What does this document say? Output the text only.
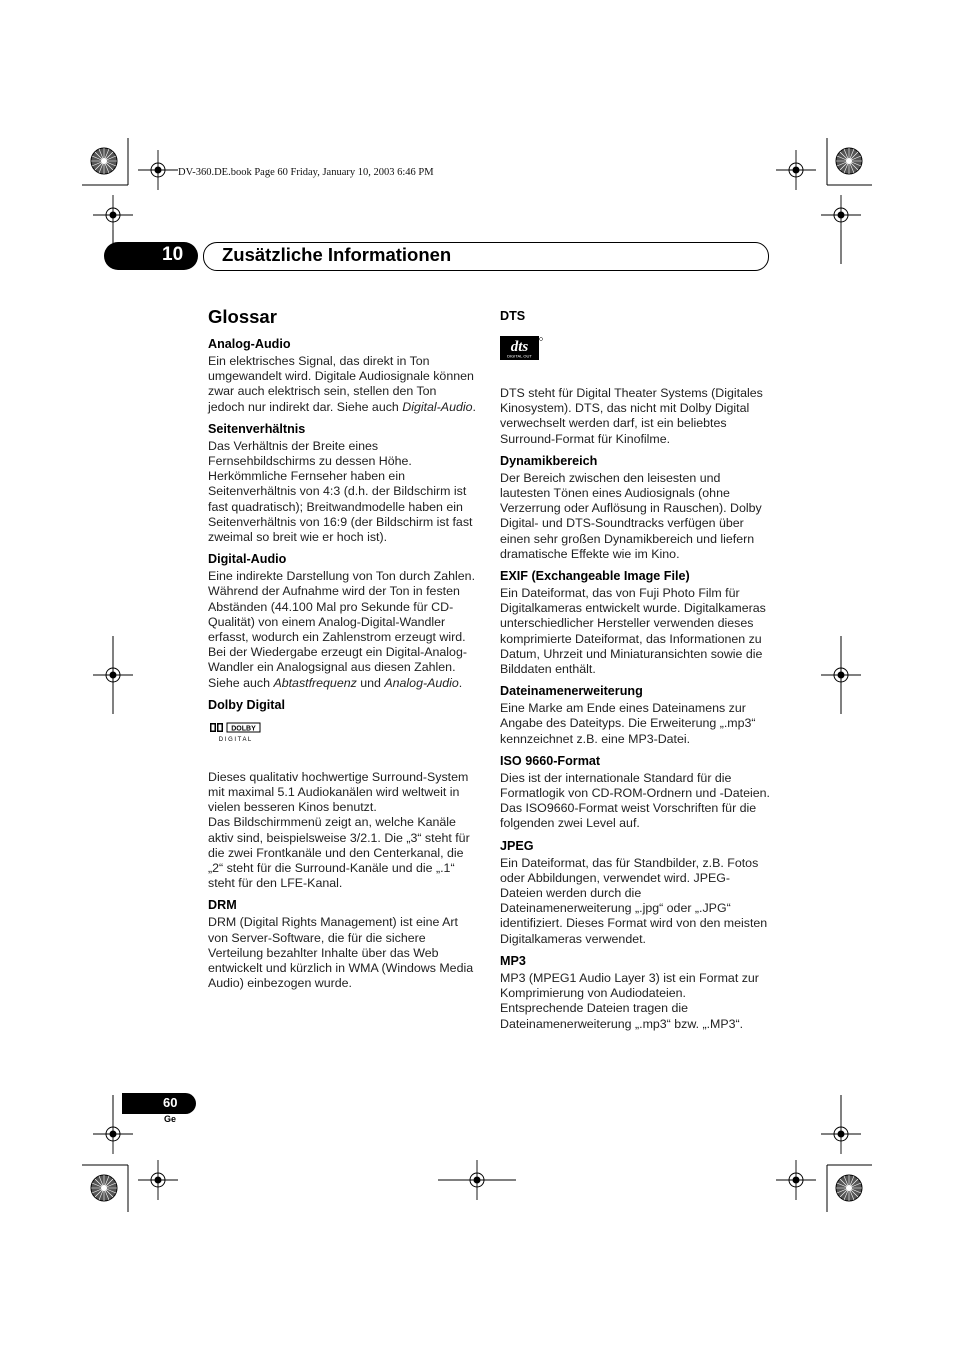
DV-360.DE.book Page 60 Friday, January 10, 2003 6:46 PM
10 Zusätzliche Informationen
Glossar
Analog-Audio

Ein elektrisches Signal, das direkt in Ton umgewandelt wird. Digitale Audiosignale können zwar auch elektrisch sein, stellen den Ton jedoch nur indirekt dar. Siehe auch Digital-Audio.

Seitenverhältnis

Das Verhältnis der Breite eines Fernsehbildschirms zu dessen Höhe. Herkömmliche Fernseher haben ein Seitenverhältnis von 4:3 (d.h. der Bildschirm ist fast quadratisch); Breitwandmodelle haben ein Seitenverhältnis von 16:9 (der Bildschirm ist fast zweimal so breit wie er hoch ist).

Digital-Audio

Eine indirekte Darstellung von Ton durch Zahlen. Während der Aufnahme wird der Ton in festen Abständen (44.100 Mal pro Sekunde für CD-Qualität) von einem Analog-Digital-Wandler erfasst, wodurch ein Zahlenstrom erzeugt wird. Bei der Wiedergabe erzeugt ein Digital-Analog-Wandler ein Analogsignal aus diesen Zahlen. Siehe auch Abtastfrequenz und Analog-Audio.

Dolby Digital
DOLBY
D I G I T A L

Dieses qualitativ hochwertige Surround-System mit maximal 5.1 Audiokanälen wird weltweit in vielen besseren Kinos benutzt.

Das Bildschirmmenü zeigt an, welche Kanäle aktiv sind, beispielsweise 3/2.1. Die „3“ steht für die zwei Frontkanäle und den Centerkanal, die „2“ steht für die Surround-Kanäle und die „.1“ steht für den LFE-Kanal.

DRM

DRM (Digital Rights Management) ist eine Art von Server-Software, die für die sichere Verteilung bezahlter Inhalte über das Web entwickelt und kürzlich in WMA (Windows Media Audio) einbezogen wurde.

DTS
dts
DIGITAL OUT

DTS steht für Digital Theater Systems (Digitales Kinosystem). DTS, das nicht mit Dolby Digital verwechselt werden darf, ist ein beliebtes Surround-Format für Kinofilme.

Dynamikbereich

Der Bereich zwischen den leisesten und lautesten Tönen eines Audiosignals (ohne Verzerrung oder Auflösung in Rauschen). Dolby Digital- und DTS-Soundtracks verfügen über einen sehr großen Dynamikbereich und liefern dramatische Effekte wie im Kino.

EXIF (Exchangeable Image File)

Ein Dateiformat, das von Fuji Photo Film für Digitalkameras entwickelt wurde. Digitalkameras unterschiedlicher Hersteller verwenden dieses komprimierte Dateiformat, das Informationen zu Datum, Uhrzeit und Miniaturansichten sowie die Bilddaten enthält.

Dateinamenerweiterung

Eine Marke am Ende eines Dateinamens zur Angabe des Dateityps. Die Erweiterung „.mp3“ kennzeichnet z.B. eine MP3-Datei.

ISO 9660-Format

Dies ist der internationale Standard für die Formatlogik von CD-ROM-Ordnern und -Dateien. Das ISO9660-Format weist Vorschriften für die folgenden zwei Level auf.

JPEG

Ein Dateiformat, das für Standbilder, z.B. Fotos oder Abbildungen, verwendet wird. JPEG-Dateien werden durch die Dateinamenerweiterung „.jpg“ oder „.JPG“ identifiziert. Dieses Format wird von den meisten Digitalkameras verwendet.

MP3

MP3 (MPEG1 Audio Layer 3) ist ein Format zur Komprimierung von Audiodateien. Entsprechende Dateien tragen die Dateinamenerweiterung „.mp3“ bzw. „.MP3“.

60
Ge
